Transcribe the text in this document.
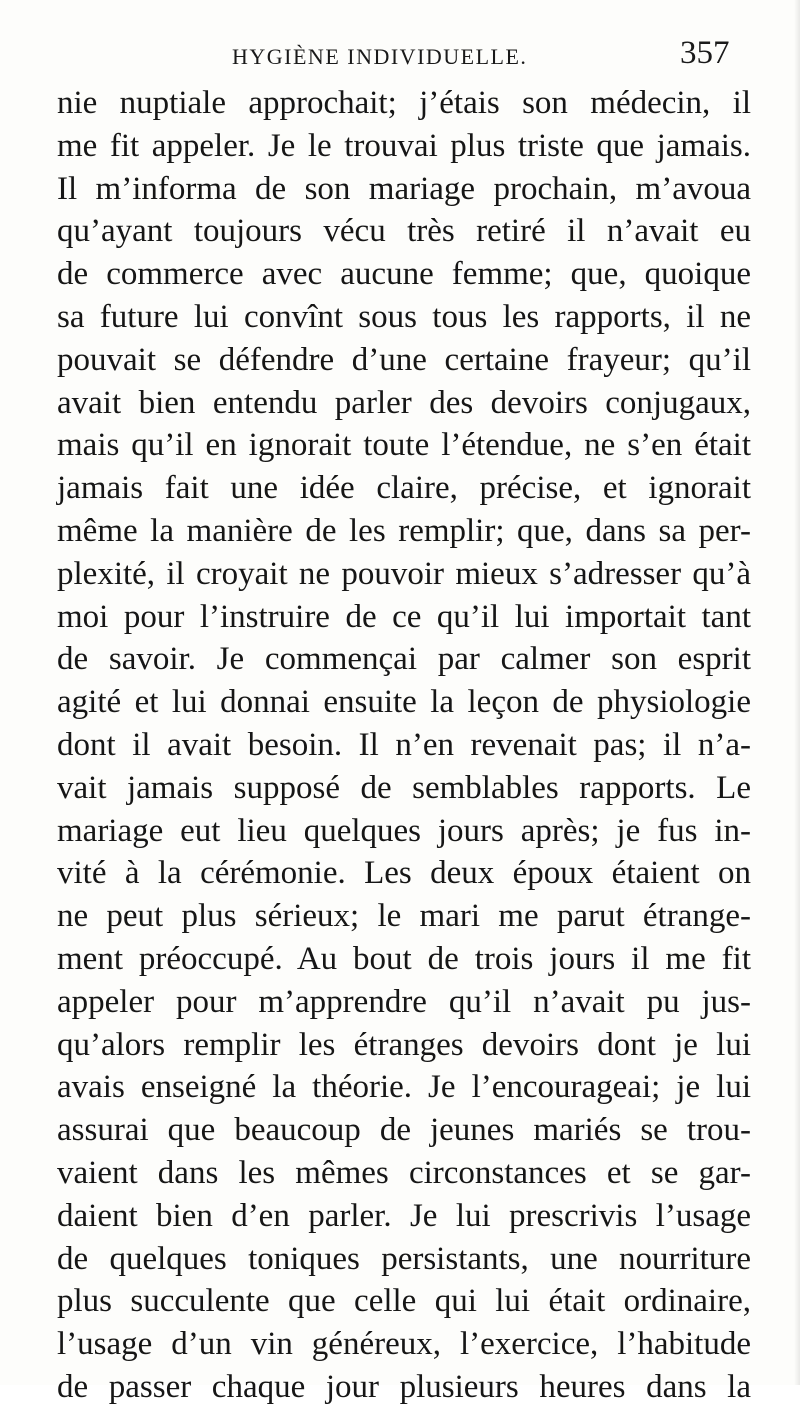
HYGIÈNE INDIVIDUELLE.	357
nie nuptiale approchait; j’étais son médecin, il
me fit appeler. Je le trouvai plus triste que jamais.
Il m’informa de son mariage prochain, m’avoua
qu’ayant toujours vécu très retiré il n’avait eu
de commerce avec aucune femme; que, quoique
sa future lui convînt sous tous les rapports, il ne
pouvait se défendre d’une certaine frayeur; qu’il
avait bien entendu parler des devoirs conjugaux,
mais qu’il en ignorait toute l’étendue, ne s’en était
jamais fait une idée claire, précise, et ignorait
même la manière de les remplir; que, dans sa per-
plexité, il croyait ne pouvoir mieux s’adresser qu’à
moi pour l’instruire de ce qu’il lui importait tant
de savoir. Je commençai par calmer son esprit
agité et lui donnai ensuite la leçon de physiologie
dont il avait besoin. Il n’en revenait pas; il n’a-
vait jamais supposé de semblables rapports. Le
mariage eut lieu quelques jours après; je fus in-
vité à la cérémonie. Les deux époux étaient on
ne peut plus sérieux; le mari me parut étrange-
ment préoccupé. Au bout de trois jours il me fit
appeler pour m’apprendre qu’il n’avait pu jus-
qu’alors remplir les étranges devoirs dont je lui
avais enseigné la théorie. Je l’encourageai; je lui
assurai que beaucoup de jeunes mariés se trou-
vaient dans les mêmes circonstances et se gar-
daient bien d’en parler. Je lui prescrivis l’usage
de quelques toniques persistants, une nourriture
plus succulente que celle qui lui était ordinaire,
l’usage d’un vin généreux, l’exercice, l’habitude
de passer chaque jour plusieurs heures dans la
